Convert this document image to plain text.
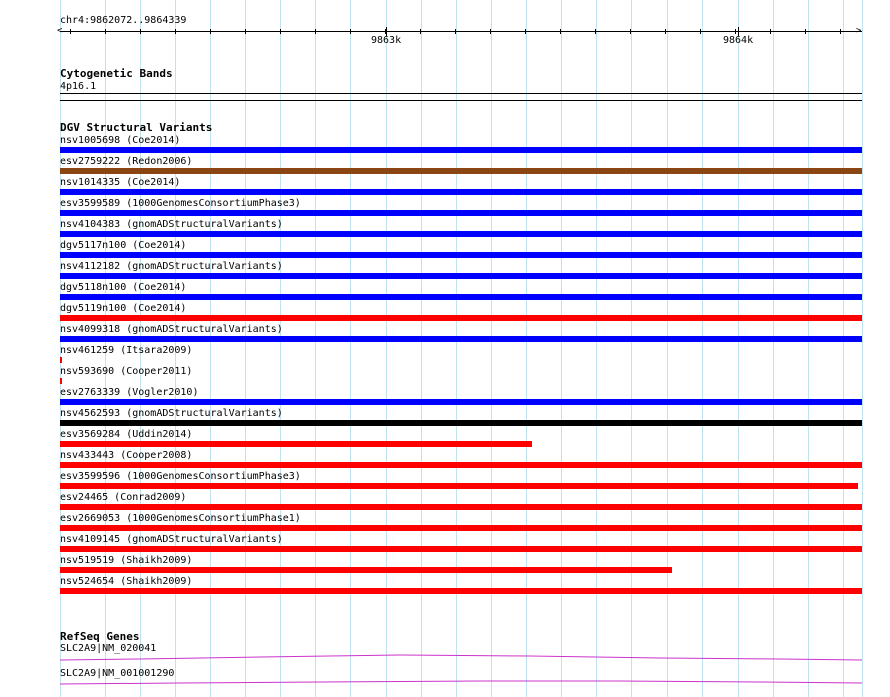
chr4:9862072..9864339
<	>
9863k	9864k
Cytogenetic Bands
4p16.1
DGV Structural Variants
nsv1005698 (Coe2014)
esv2759222 (Redon2006)
nsv1014335 (Coe2014)
esv3599589 (1000GenomesConsortiumPhase3)
nsv4104383 (gnomADStructuralVariants)
dgv5117n100 (Coe2014)
nsv4112182 (gnomADStructuralVariants)
dgv5118n100 (Coe2014)
dgv5119n100 (Coe2014)
nsv4099318 (gnomADStructuralVariants)
nsv461259 (Itsara2009)
nsv593690 (Cooper2011)
esv2763339 (Vogler2010)
nsv4562593 (gnomADStructuralVariants)
esv3569284 (Uddin2014)
nsv433443 (Cooper2008)
esv3599596 (1000GenomesConsortiumPhase3)
esv24465 (Conrad2009)
esv2669053 (1000GenomesConsortiumPhase1)
nsv4109145 (gnomADStructuralVariants)
nsv519519 (Shaikh2009)
nsv524654 (Shaikh2009)
RefSeq Genes
SLC2A9|NM_020041
SLC2A9|NM_001001290
